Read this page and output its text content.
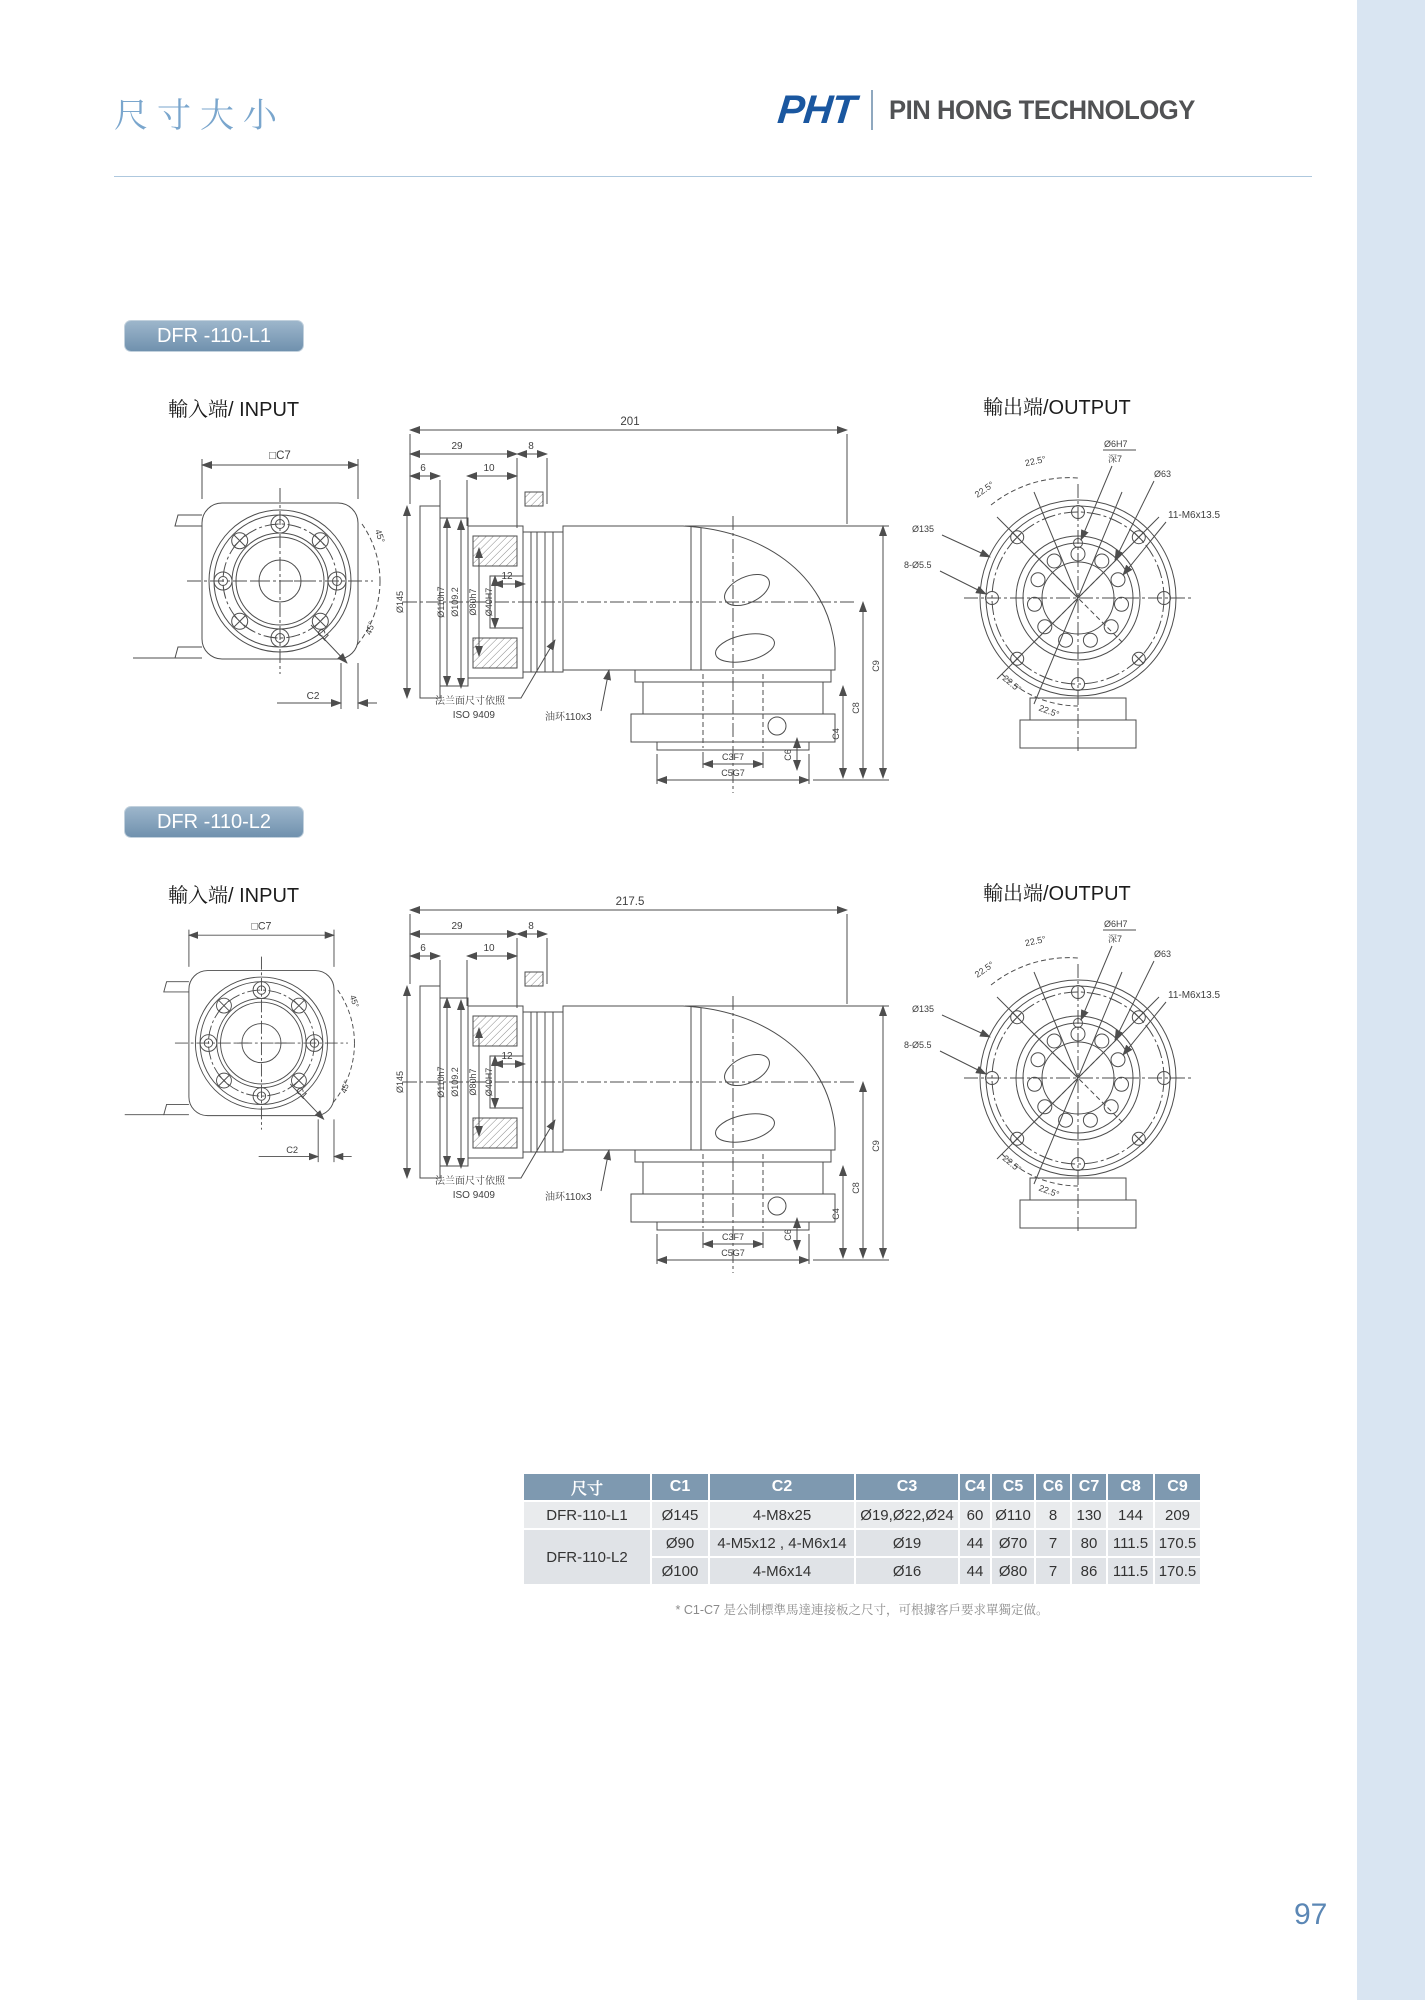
尺寸大小	PHT PIN HONG TECHNOLOGY
DFR -110-L1
輸入端/ INPUT	輸出端/OUTPUT
□C7
C2
C1
45°
45°
29	8
6	10
12
Ø145	Ø110h7 Ø109.2 Ø80h7 Ø40H7
C4
C8
C9
C3F7	C6
C5G7
法兰面尺寸依照
ISO 9409	油环110x3
201
22.5°
22.5°
Ø6H7
深7
Ø63
11-M6x13.5
Ø135
8-Ø5.5
22.5°
22.5°
DFR -110-L2
輸入端/ INPUT	輸出端/OUTPUT
217.5
尺寸	C1	C2	C3	C4	C5	C6	C7	C8	C9
DFR-110-L1	Ø145	4-M8x25	Ø19,Ø22,Ø24	60	Ø110	8	130	144	209
DFR-110-L2	Ø90	4-M5x12 , 4-M6x14	Ø19	44	Ø70	7	80	111.5	170.5
	Ø100	4-M6x14	Ø16	44	Ø80	7	86	111.5	170.5
* C1-C7 是公制標準馬達連接板之尺寸，可根據客戶要求單獨定做。
97
